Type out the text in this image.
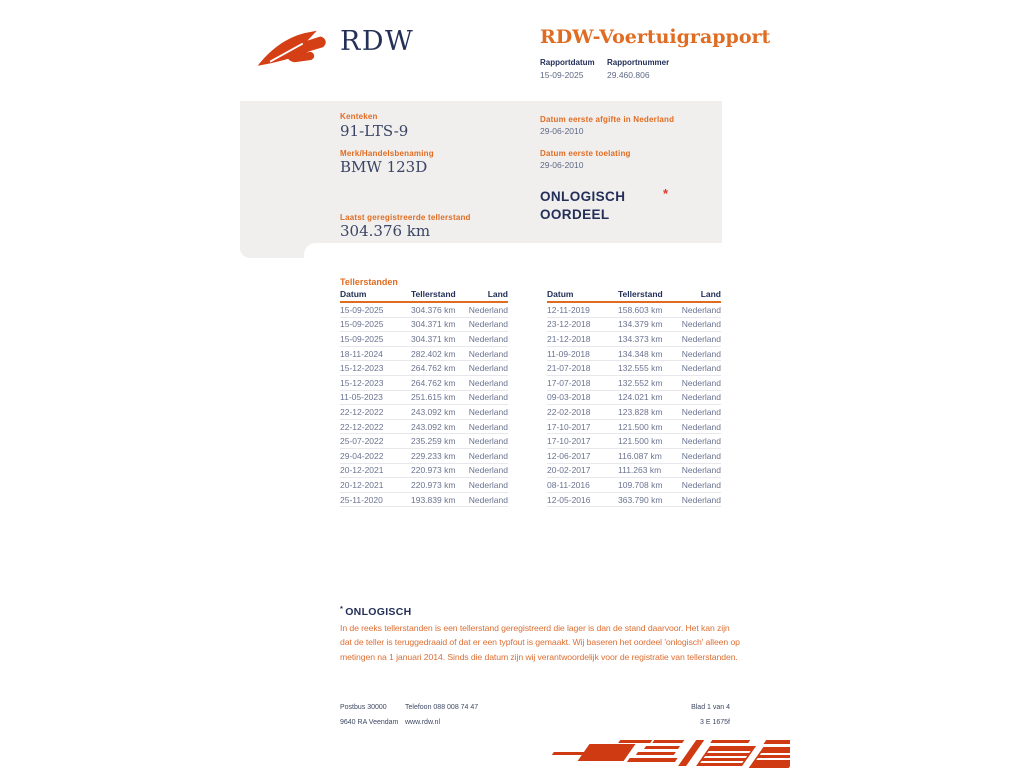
RDW	RDW-Voertuigrapport
Rapportdatum
15-09-2025
Rapportnummer
29.460.806
Kenteken
91-LTS-9
Merk/Handelsbenaming
BMW 123D
Laatst geregistreerde tellerstand
304.376 km
Datum eerste afgifte in Nederland
29-06-2010
Datum eerste toelating
29-06-2010
ONLOGISCH
OORDEEL
*
Tellerstanden
Datum	Tellerstand	Land
15-09-2025	304.376 km	Nederland
15-09-2025	304.371 km	Nederland
15-09-2025	304.371 km	Nederland
18-11-2024	282.402 km	Nederland
15-12-2023	264.762 km	Nederland
15-12-2023	264.762 km	Nederland
11-05-2023	251.615 km	Nederland
22-12-2022	243.092 km	Nederland
22-12-2022	243.092 km	Nederland
25-07-2022	235.259 km	Nederland
29-04-2022	229.233 km	Nederland
20-12-2021	220.973 km	Nederland
20-12-2021	220.973 km	Nederland
25-11-2020	193.839 km	Nederland
Datum	Tellerstand	Land
12-11-2019	158.603 km	Nederland
23-12-2018	134.379 km	Nederland
21-12-2018	134.373 km	Nederland
11-09-2018	134.348 km	Nederland
21-07-2018	132.555 km	Nederland
17-07-2018	132.552 km	Nederland
09-03-2018	124.021 km	Nederland
22-02-2018	123.828 km	Nederland
17-10-2017	121.500 km	Nederland
17-10-2017	121.500 km	Nederland
12-06-2017	116.087 km	Nederland
20-02-2017	111.263 km	Nederland
08-11-2016	109.708 km	Nederland
12-05-2016	363.790 km	Nederland
* ONLOGISCH
In de reeks tellerstanden is een tellerstand geregistreerd die lager is dan de stand daarvoor. Het kan zijn
dat de teller is teruggedraaid of dat er een typfout is gemaakt. Wij baseren het oordeel 'onlogisch' alleen op
metingen na 1 januari 2014. Sinds die datum zijn wij verantwoordelijk voor de registratie van tellerstanden.
Postbus 30000
9640 RA Veendam
Telefoon 088 008 74 47
www.rdw.nl
Blad 1 van 4
3 E 1675f
